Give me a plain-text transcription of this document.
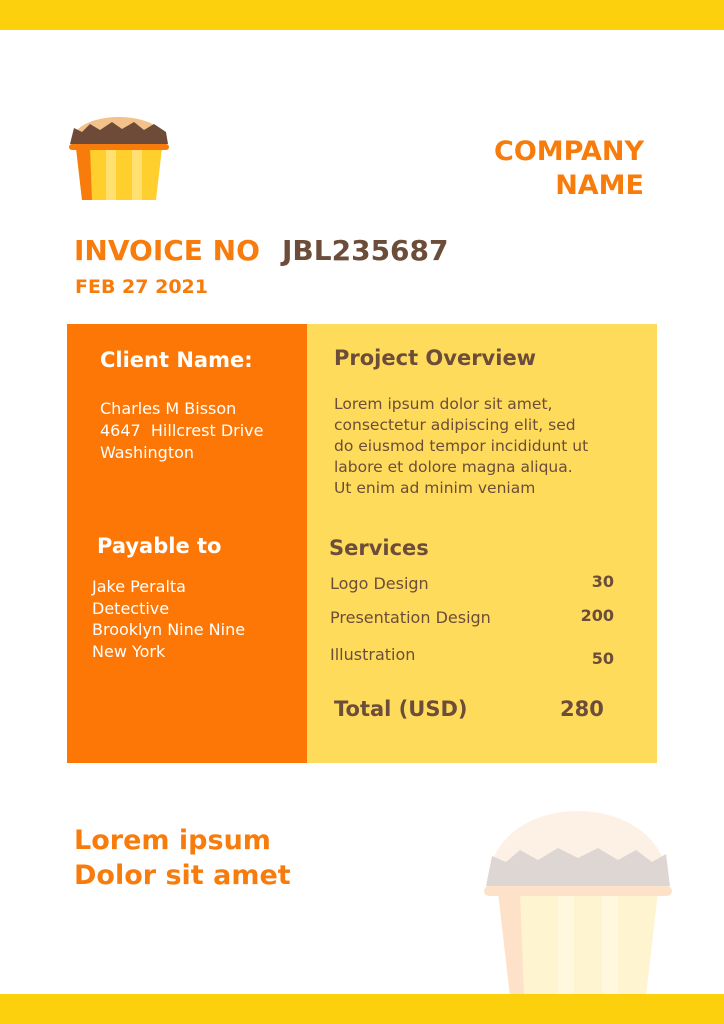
COMPANY
NAME
INVOICE NO JBL235687
FEB 27 2021
Client Name:
Charles M Bisson
4647  Hillcrest Drive
Washington
Payable to
Jake Peralta
Detective
Brooklyn Nine Nine
New York
Project Overview
Lorem ipsum dolor sit amet,
consectetur adipiscing elit, sed
do eiusmod tempor incididunt ut
labore et dolore magna aliqua.
Ut enim ad minim veniam
Services
Logo Design	30
Presentation Design	200
Illustration	50
Total (USD)	280
Lorem ipsum
Dolor sit amet
